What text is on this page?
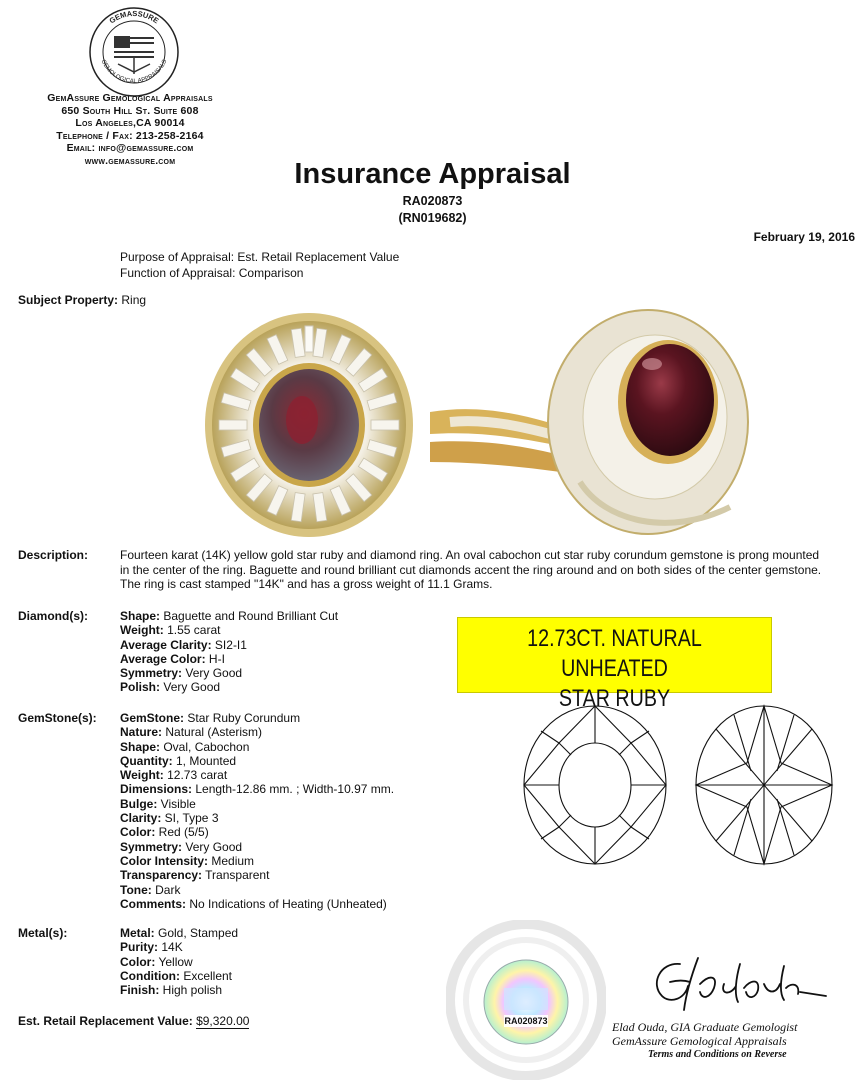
GEMASSURE
GEMOLOGICAL APPRAISALS
GemAssure Gemological Appraisals
650 South Hill St. Suite 608
Los Angeles,CA 90014
Telephone / Fax: 213-258-2164
Email: info@gemassure.com
www.gemassure.com	Insurance Appraisal
RA020873
(RN019682)
February 19, 2016
Purpose of Appraisal: Est. Retail Replacement Value
Function of Appraisal: Comparison
Subject Property: Ring
Description:	Fourteen karat (14K) yellow gold star ruby and diamond ring. An oval cabochon cut star ruby corundum gemstone is prong mounted in the center of the ring. Baguette and round brilliant cut diamonds accent the ring around and on both sides of the center gemstone. The ring is cast stamped "14K" and has a gross weight of 11.1 Grams.
Diamond(s):	Shape: Baguette and Round Brilliant Cut
Weight: 1.55 carat
Average Clarity: SI2-I1
Average Color: H-I
Symmetry: Very Good
Polish: Very Good
12.73CT. NATURAL UNHEATED
STAR RUBY
GemStone(s): GemStone: Star Ruby Corundum
Nature: Natural (Asterism)
Shape: Oval, Cabochon
Quantity: 1, Mounted
Weight: 12.73 carat
Dimensions: Length-12.86 mm. ; Width-10.97 mm.
Bulge: Visible
Clarity: SI, Type 3
Color: Red (5/5)
Symmetry: Very Good
Color Intensity: Medium
Transparency: Transparent
Tone: Dark
Comments: No Indications of Heating (Unheated)
Metal(s):	Metal: Gold, Stamped
Purity: 14K
Color: Yellow
Condition: Excellent
Finish: High polish
Est. Retail Replacement Value: $9,320.00	RA020873	Elad Ouda, GIA Graduate Gemologist
GemAssure Gemological Appraisals
Terms and Conditions on Reverse
